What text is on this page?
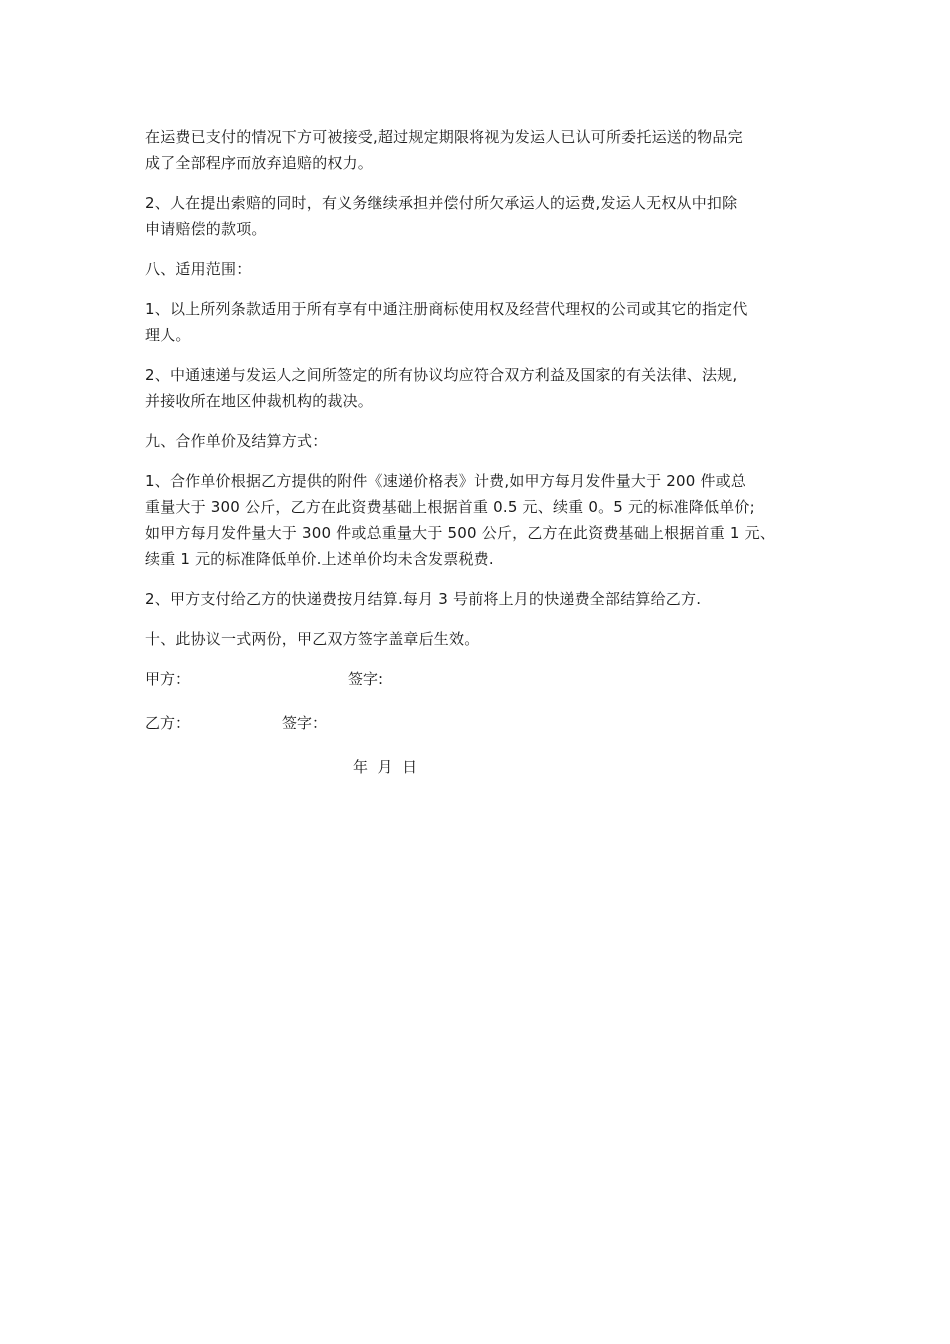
在运费已支付的情况下方可被接受,超过规定期限将视为发运人已认可所委托运送的物品完
成了全部程序而放弃追赔的权力。

2、人在提出索赔的同时，有义务继续承担并偿付所欠承运人的运费,发运人无权从中扣除
申请赔偿的款项。

八、适用范围：

1、以上所列条款适用于所有享有中通注册商标使用权及经营代理权的公司或其它的指定代
理人。

2、中通速递与发运人之间所签定的所有协议均应符合双方利益及国家的有关法律、法规,
并接收所在地区仲裁机构的裁决。

九、合作单价及结算方式：

1、合作单价根据乙方提供的附件《速递价格表》计费,如甲方每月发件量大于 200 件或总
重量大于 300 公斤，乙方在此资费基础上根据首重 0.5 元、续重 0。5 元的标准降低单价;
如甲方每月发件量大于 300 件或总重量大于 500 公斤，乙方在此资费基础上根据首重 1 元、
续重 1 元的标准降低单价.上述单价均未含发票税费.

2、甲方支付给乙方的快递费按月结算.每月 3 号前将上月的快递费全部结算给乙方.

十、此协议一式两份，甲乙双方签字盖章后生效。

甲方：	签字:
乙方：	签字：
年  月  日
